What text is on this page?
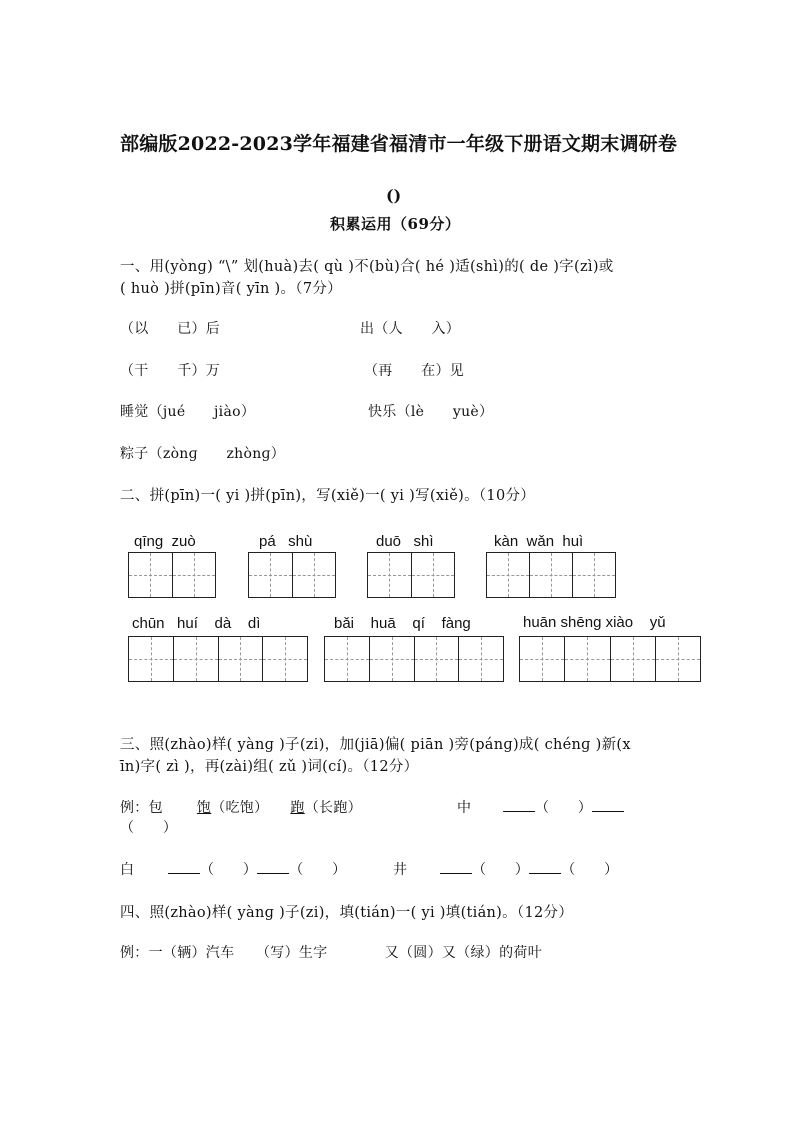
部编版2022-2023学年福建省福清市一年级下册语文期末调研卷
()
积累运用（69分）
一、用(yònɡ) “\” 划(huà)去( qù )不(bù)合( hé )适(shì)的( de )字(zì)或
( huò )拼(pīn)音( yīn )。（7分）
（以　　已）后	出（人　　入）
（干　　千）万	（再　　在）见
睡觉（jué　　jiào）	快乐（lè　　yuè）
粽子（zònɡ　　zhònɡ）
二、拼(pīn)一( yi )拼(pīn)，写(xiě)一( yi )写(xiě)。（10分）
qīnɡ  zuò	pá   shù	duō   shì	kàn  wǎn  huì
chūn   huí    dà    dì	bǎi    huā    qí    fànɡ	huān shēnɡ xiào    yǔ
三、照(zhào)样( yànɡ )子(zi)，加(jiā)偏( piān )旁(pánɡ)成( chénɡ )新(x
īn)字( zì )，再(zài)组( zǔ )词(cí)。（12分）
例：包 饱（吃饱） 跑（长跑）	中	（　　）
（　　）
白	（　　） （　　）	井	（　　） （　　）
四、照(zhào)样( yànɡ )子(zi)，填(tián)一( yi )填(tián)。（12分）
例：一（辆）汽车　　（写）生字　　　　又（圆）又（绿）的荷叶
